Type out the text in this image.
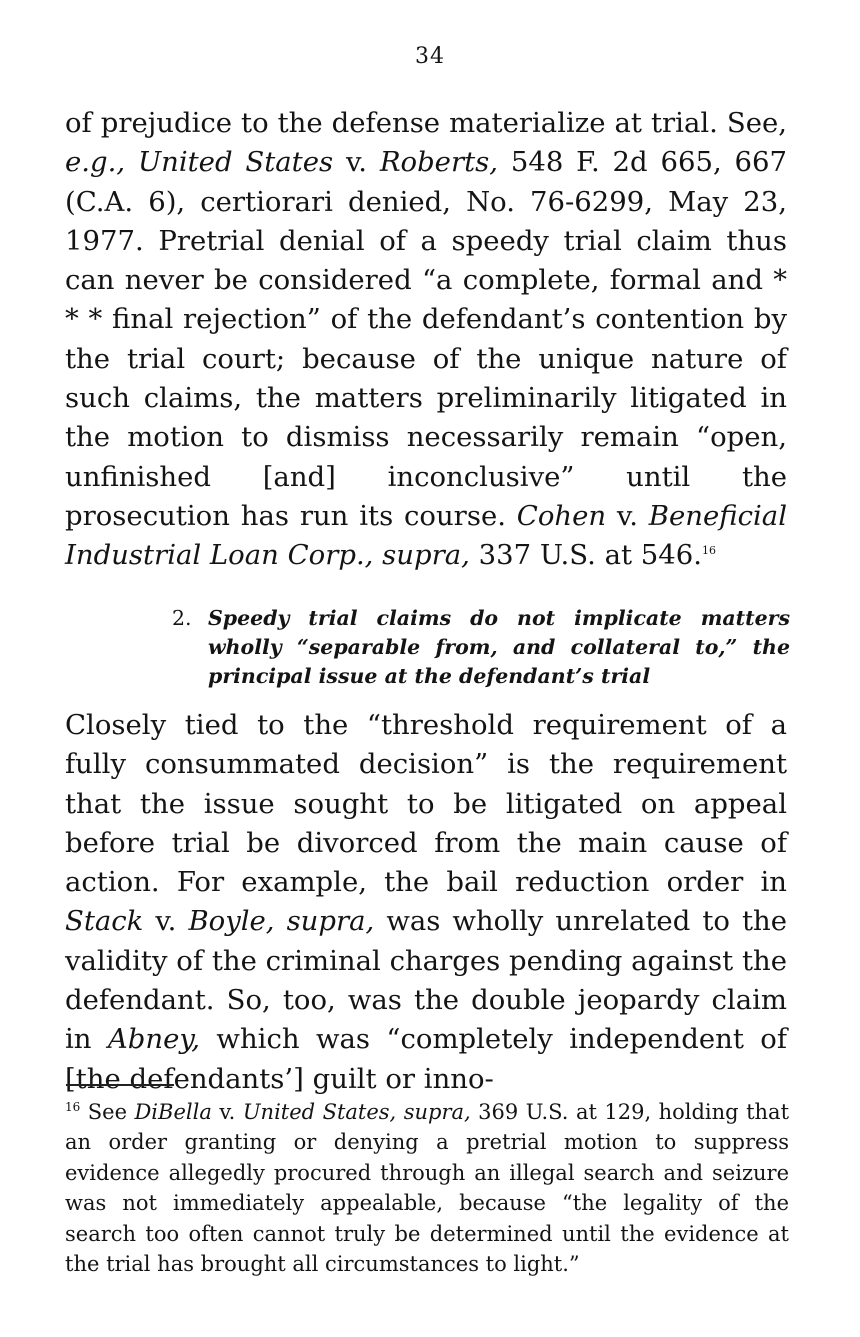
34

of prejudice to the defense materialize at trial. See, e.g., United States v. Roberts, 548 F. 2d 665, 667 (C.A. 6), certiorari denied, No. 76-6299, May 23, 1977. Pretrial denial of a speedy trial claim thus can never be considered “a complete, formal and * * * final rejection” of the defendant’s contention by the trial court; because of the unique nature of such claims, the matters preliminarily litigated in the motion to dismiss necessarily remain “open, unfinished [and] inconclusive” until the prosecution has run its course. Cohen v. Beneficial Industrial Loan Corp., supra, 337 U.S. at 546.16

2. Speedy trial claims do not implicate matters wholly “separable from, and collateral to,” the principal issue at the defendant’s trial

Closely tied to the “threshold requirement of a fully consummated decision” is the requirement that the issue sought to be litigated on appeal before trial be divorced from the main cause of action. For example, the bail reduction order in Stack v. Boyle, supra, was wholly unrelated to the validity of the criminal charges pending against the defendant. So, too, was the double jeopardy claim in Abney, which was “completely independent of [the defendants’] guilt or inno-

$^{16}$ See DiBella v. United States, supra, 369 U.S. at 129, holding that an order granting or denying a pretrial motion to suppress evidence allegedly procured through an illegal search and seizure was not immediately appealable, because “the legality of the search too often cannot truly be determined until the evidence at the trial has brought all circumstances to light.”
